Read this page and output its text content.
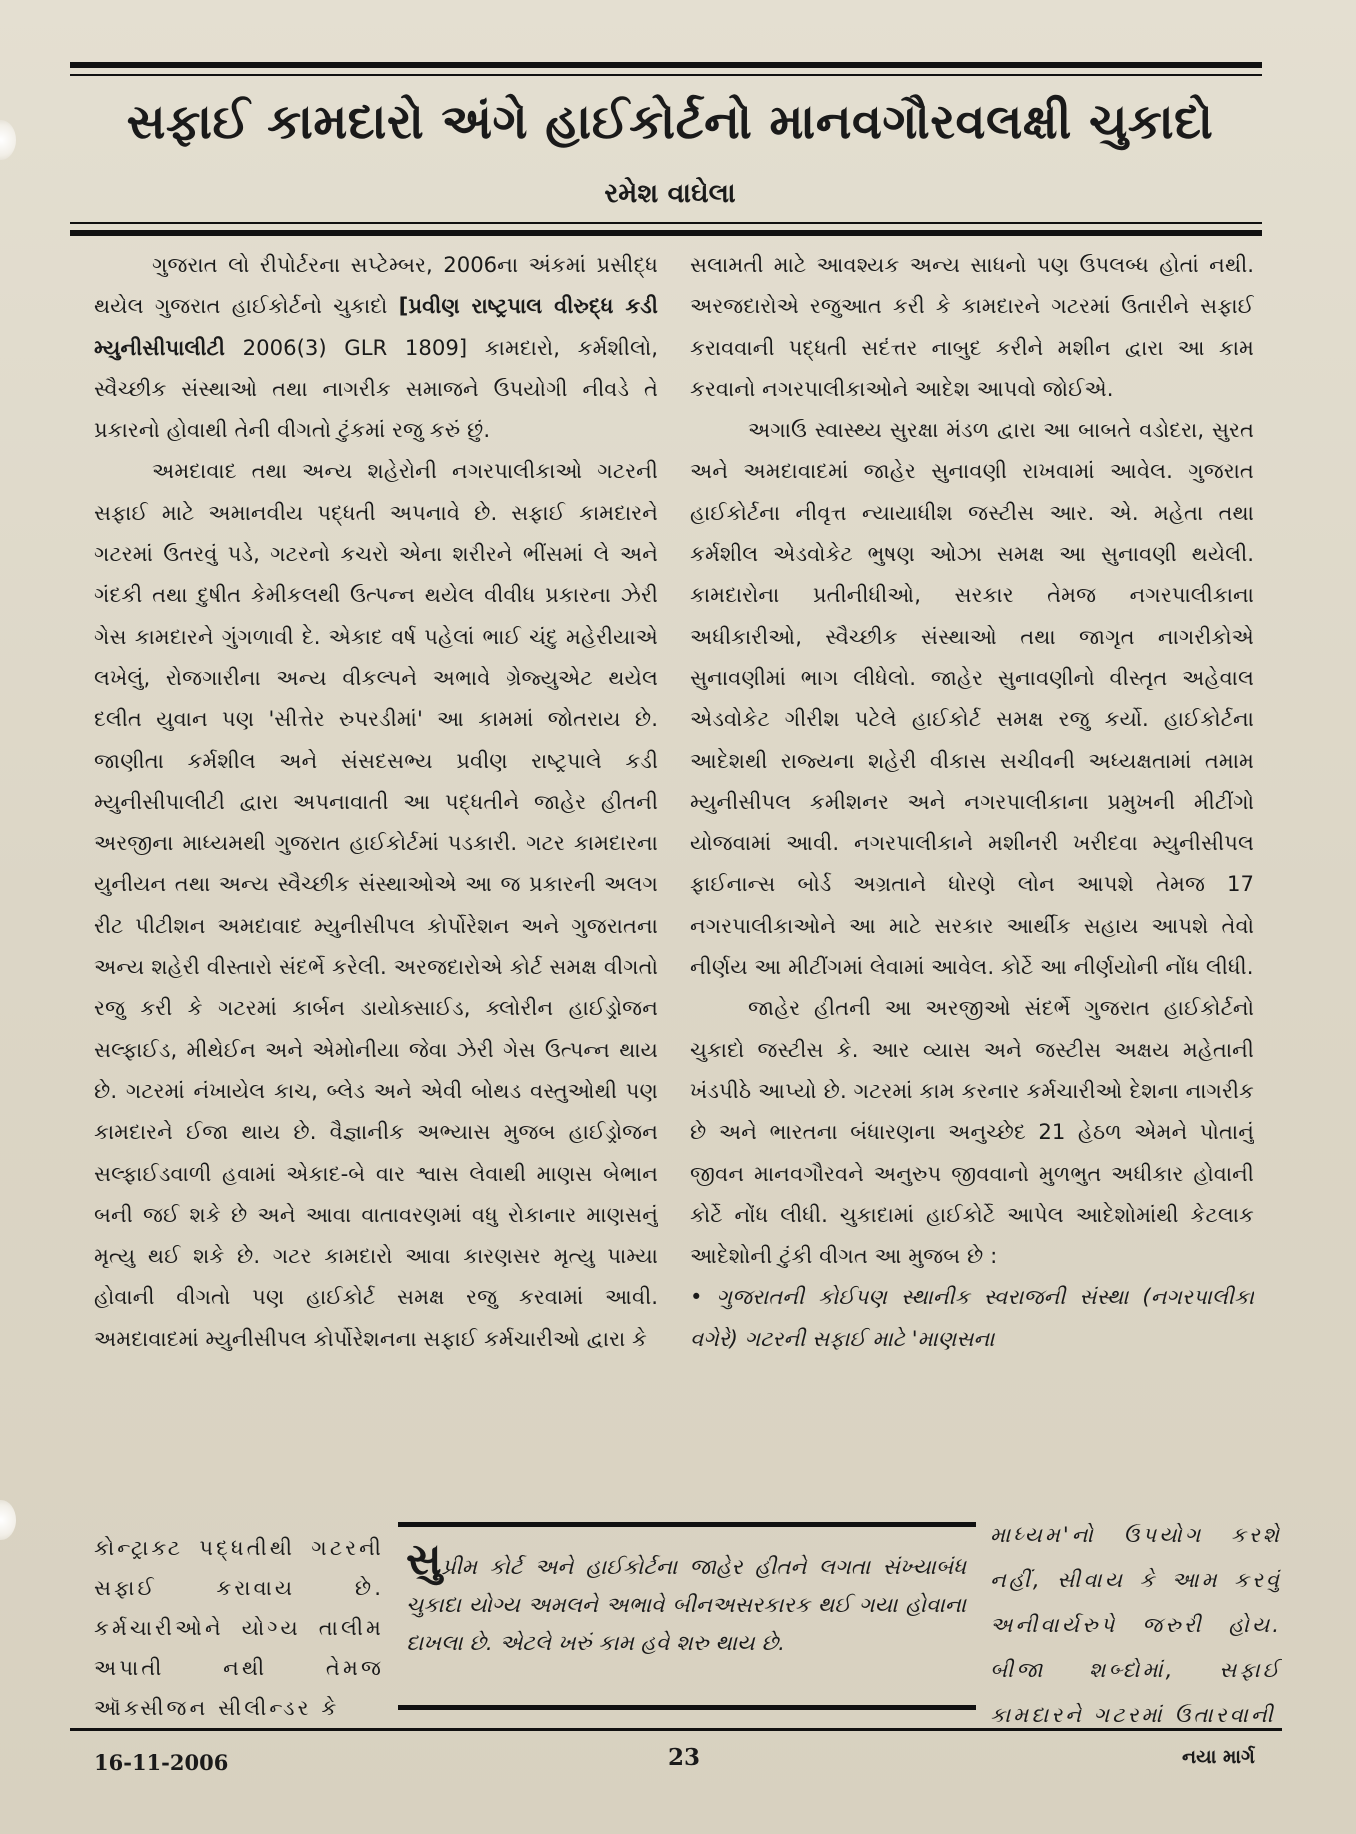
સફાઈ કામદારો અંગે હાઈકોર્ટનો માનવગૌરવલક્ષી ચુકાદો
રમેશ વાઘેલા

ગુજરાત લો રીપોર્ટરના સપ્ટેમ્બર, 2006ના અંકમાં પ્રસીદ્ધ થયેલ ગુજરાત હાઈકોર્ટનો ચુકાદો [પ્રવીણ રાષ્ટ્રપાલ વીરુદ્ધ કડી મ્યુનીસીપાલીટી 2006(3) GLR 1809] કામદારો, કર્મશીલો, સ્વૈચ્છીક સંસ્થાઓ તથા નાગરીક સમાજને ઉપયોગી નીવડે તે પ્રકારનો હોવાથી તેની વીગતો ટુંકમાં રજુ કરું છું.

અમદાવાદ તથા અન્ય શહેરોની નગરપાલીકાઓ ગટરની સફાઈ માટે અમાનવીય પદ્ધતી અપનાવે છે. સફાઈ કામદારને ગટરમાં ઉતરવું પડે, ગટરનો કચરો એના શરીરને ભીંસમાં લે અને ગંદકી તથા દુષીત કેમીકલથી ઉત્પન્ન થયેલ વીવીધ પ્રકારના ઝેરી ગેસ કામદારને ગુંગળાવી દે. એકાદ વર્ષ પહેલાં ભાઈ ચંદુ મહેરીયાએ લખેલું, રોજગારીના અન્ય વીકલ્પને અભાવે ગ્રેજ્યુએટ થયેલ દલીત યુવાન પણ 'સીત્તેર રુપરડીમાં' આ કામમાં જોતરાય છે. જાણીતા કર્મશીલ અને સંસદસભ્ય પ્રવીણ રાષ્ટ્રપાલે કડી મ્યુનીસીપાલીટી દ્વારા અપનાવાતી આ પદ્ધતીને જાહેર હીતની અરજીના માધ્યમથી ગુજરાત હાઈકોર્ટમાં પડકારી. ગટર કામદારના યુનીયન તથા અન્ય સ્વૈચ્છીક સંસ્થાઓએ આ જ પ્રકારની અલગ રીટ પીટીશન અમદાવાદ મ્યુનીસીપલ કોર્પોરેશન અને ગુજરાતના અન્ય શહેરી વીસ્તારો સંદર્ભે કરેલી. અરજદારોએ કોર્ટ સમક્ષ વીગતો રજુ કરી કે ગટરમાં કાર્બન ડાયોક્સાઈડ, ક્લોરીન હાઈડ્રોજન સલ્ફાઈડ, મીથેઈન અને એમોનીયા જેવા ઝેરી ગેસ ઉત્પન્ન થાય છે. ગટરમાં નંખાયેલ કાચ, બ્લેડ અને એવી બોથડ વસ્તુઓથી પણ કામદારને ઈજા થાય છે. વૈજ્ઞાનીક અભ્યાસ મુજબ હાઈડ્રોજન સલ્ફાઈડવાળી હવામાં એકાદ-બે વાર શ્વાસ લેવાથી માણસ બેભાન બની જઈ શકે છે અને આવા વાતાવરણમાં વધુ રોકાનાર માણસનું મૃત્યુ થઈ શકે છે. ગટર કામદારો આવા કારણસર મૃત્યુ પામ્યા હોવાની વીગતો પણ હાઈકોર્ટ સમક્ષ રજુ કરવામાં આવી. અમદાવાદમાં મ્યુનીસીપલ કોર્પોરેશનના સફાઈ કર્મચારીઓ દ્વારા કે

સલામતી માટે આવશ્યક અન્ય સાધનો પણ ઉપલબ્ધ હોતાં નથી. અરજદારોએ રજુઆત કરી કે કામદારને ગટરમાં ઉતારીને સફાઈ કરાવવાની પદ્ધતી સદંત્તર નાબુદ કરીને મશીન દ્વારા આ કામ કરવાનો નગરપાલીકાઓને આદેશ આપવો જોઈએ.

અગાઉ સ્વાસ્થ્ય સુરક્ષા મંડળ દ્વારા આ બાબતે વડોદરા, સુરત અને અમદાવાદમાં જાહેર સુનાવણી રાખવામાં આવેલ. ગુજરાત હાઈકોર્ટના નીવૃત્ત ન્યાયાધીશ જસ્ટીસ આર. એ. મહેતા તથા કર્મશીલ એડવોકેટ ભુષણ ઓઝા સમક્ષ આ સુનાવણી થયેલી. કામદારોના પ્રતીનીધીઓ, સરકાર તેમજ નગરપાલીકાના અધીકારીઓ, સ્વૈચ્છીક સંસ્થાઓ તથા જાગૃત નાગરીકોએ સુનાવણીમાં ભાગ લીધેલો. જાહેર સુનાવણીનો વીસ્તૃત અહેવાલ એડવોકેટ ગીરીશ પટેલે હાઈકોર્ટ સમક્ષ રજુ કર્યો. હાઈકોર્ટના આદેશથી રાજ્યના શહેરી વીકાસ સચીવની અધ્યક્ષતામાં તમામ મ્યુનીસીપલ કમીશનર અને નગરપાલીકાના પ્રમુખની મીટીંગો યોજવામાં આવી. નગરપાલીકાને મશીનરી ખરીદવા મ્યુનીસીપલ ફાઈનાન્સ બોર્ડ અગ્રતાને ધોરણે લોન આપશે તેમજ 17 નગરપાલીકાઓને આ માટે સરકાર આર્થીક સહાય આપશે તેવો નીર્ણય આ મીટીંગમાં લેવામાં આવેલ. કોર્ટે આ નીર્ણયોની નોંધ લીધી.

જાહેર હીતની આ અરજીઓ સંદર્ભે ગુજરાત હાઈકોર્ટનો ચુકાદો જસ્ટીસ કે. આર વ્યાસ અને જસ્ટીસ અક્ષય મહેતાની ખંડપીઠે આપ્યો છે. ગટરમાં કામ કરનાર કર્મચારીઓ દેશના નાગરીક છે અને ભારતના બંધારણના અનુચ્છેદ 21 હેઠળ એમને પોતાનું જીવન માનવગૌરવને અનુરુપ જીવવાનો મુળભુત અધીકાર હોવાની કોર્ટે નોંધ લીધી. ચુકાદામાં હાઈકોર્ટે આપેલ આદેશોમાંથી કેટલાક આદેશોની ટુંકી વીગત આ મુજબ છે :

• ગુજરાતની કોઈપણ સ્થાનીક સ્વરાજની સંસ્થા (નગરપાલીકા વગેરે) ગટરની સફાઈ માટે 'માણસના

કોન્ટ્રાક્ટ પદ્ધતીથી ગટરની સફાઈ કરાવાય છે. કર્મચારીઓને યોગ્ય તાલીમ અપાતી નથી તેમજ ઑક્સીજન સીલીન્ડર કે

સુપ્રીમ કોર્ટ અને હાઈકોર્ટના જાહેર હીતને લગતા સંખ્યાબંધ ચુકાદા યોગ્ય અમલને અભાવે બીનઅસરકારક થઈ ગયા હોવાના દાખલા છે. એટલે ખરું કામ હવે શરુ થાય છે.

માધ્યમ'નો ઉપયોગ કરશે નહીં, સીવાય કે આમ કરવું અનીવાર્યરુપે જરુરી હોય. બીજા શબ્દોમાં, સફાઈ કામદારને ગટરમાં ઉતારવાની

16-11-2006	23	નયા માર્ગ
